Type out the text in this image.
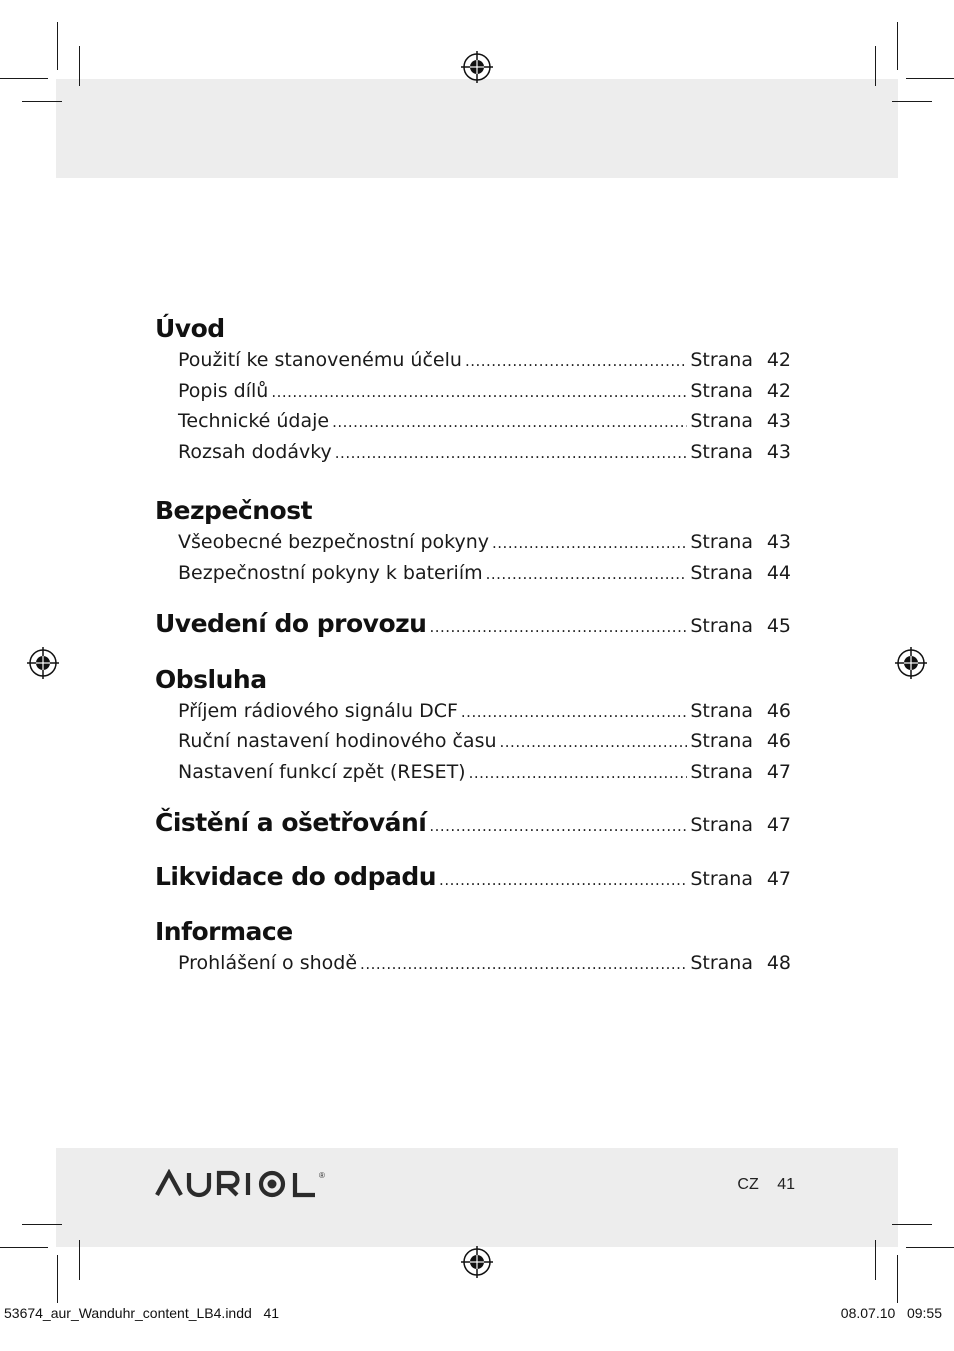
Úvod
Použití ke stanovenému účelu .....	Strana 42
Popis dílů .....	Strana 42
Technické údaje .....	Strana 43
Rozsah dodávky .....	Strana 43
Bezpečnost
Všeobecné bezpečnostní pokyny .....	Strana 43
Bezpečnostní pokyny k bateriím .....	Strana 44
Uvedení do provozu .....	Strana 45
Obsluha
Příjem rádiového signálu DCF .....	Strana 46
Ruční nastavení hodinového času .....	Strana 46
Nastavení funkcí zpět (RESET) .....	Strana 47
Čistění a ošetřování .....	Strana 47
Likvidace do odpadu .....	Strana 47
Informace
Prohlášení o shodě .....	Strana 48
®
CZ 41
53674_aur_Wanduhr_content_LB4.indd   41	08.07.10   09:55
